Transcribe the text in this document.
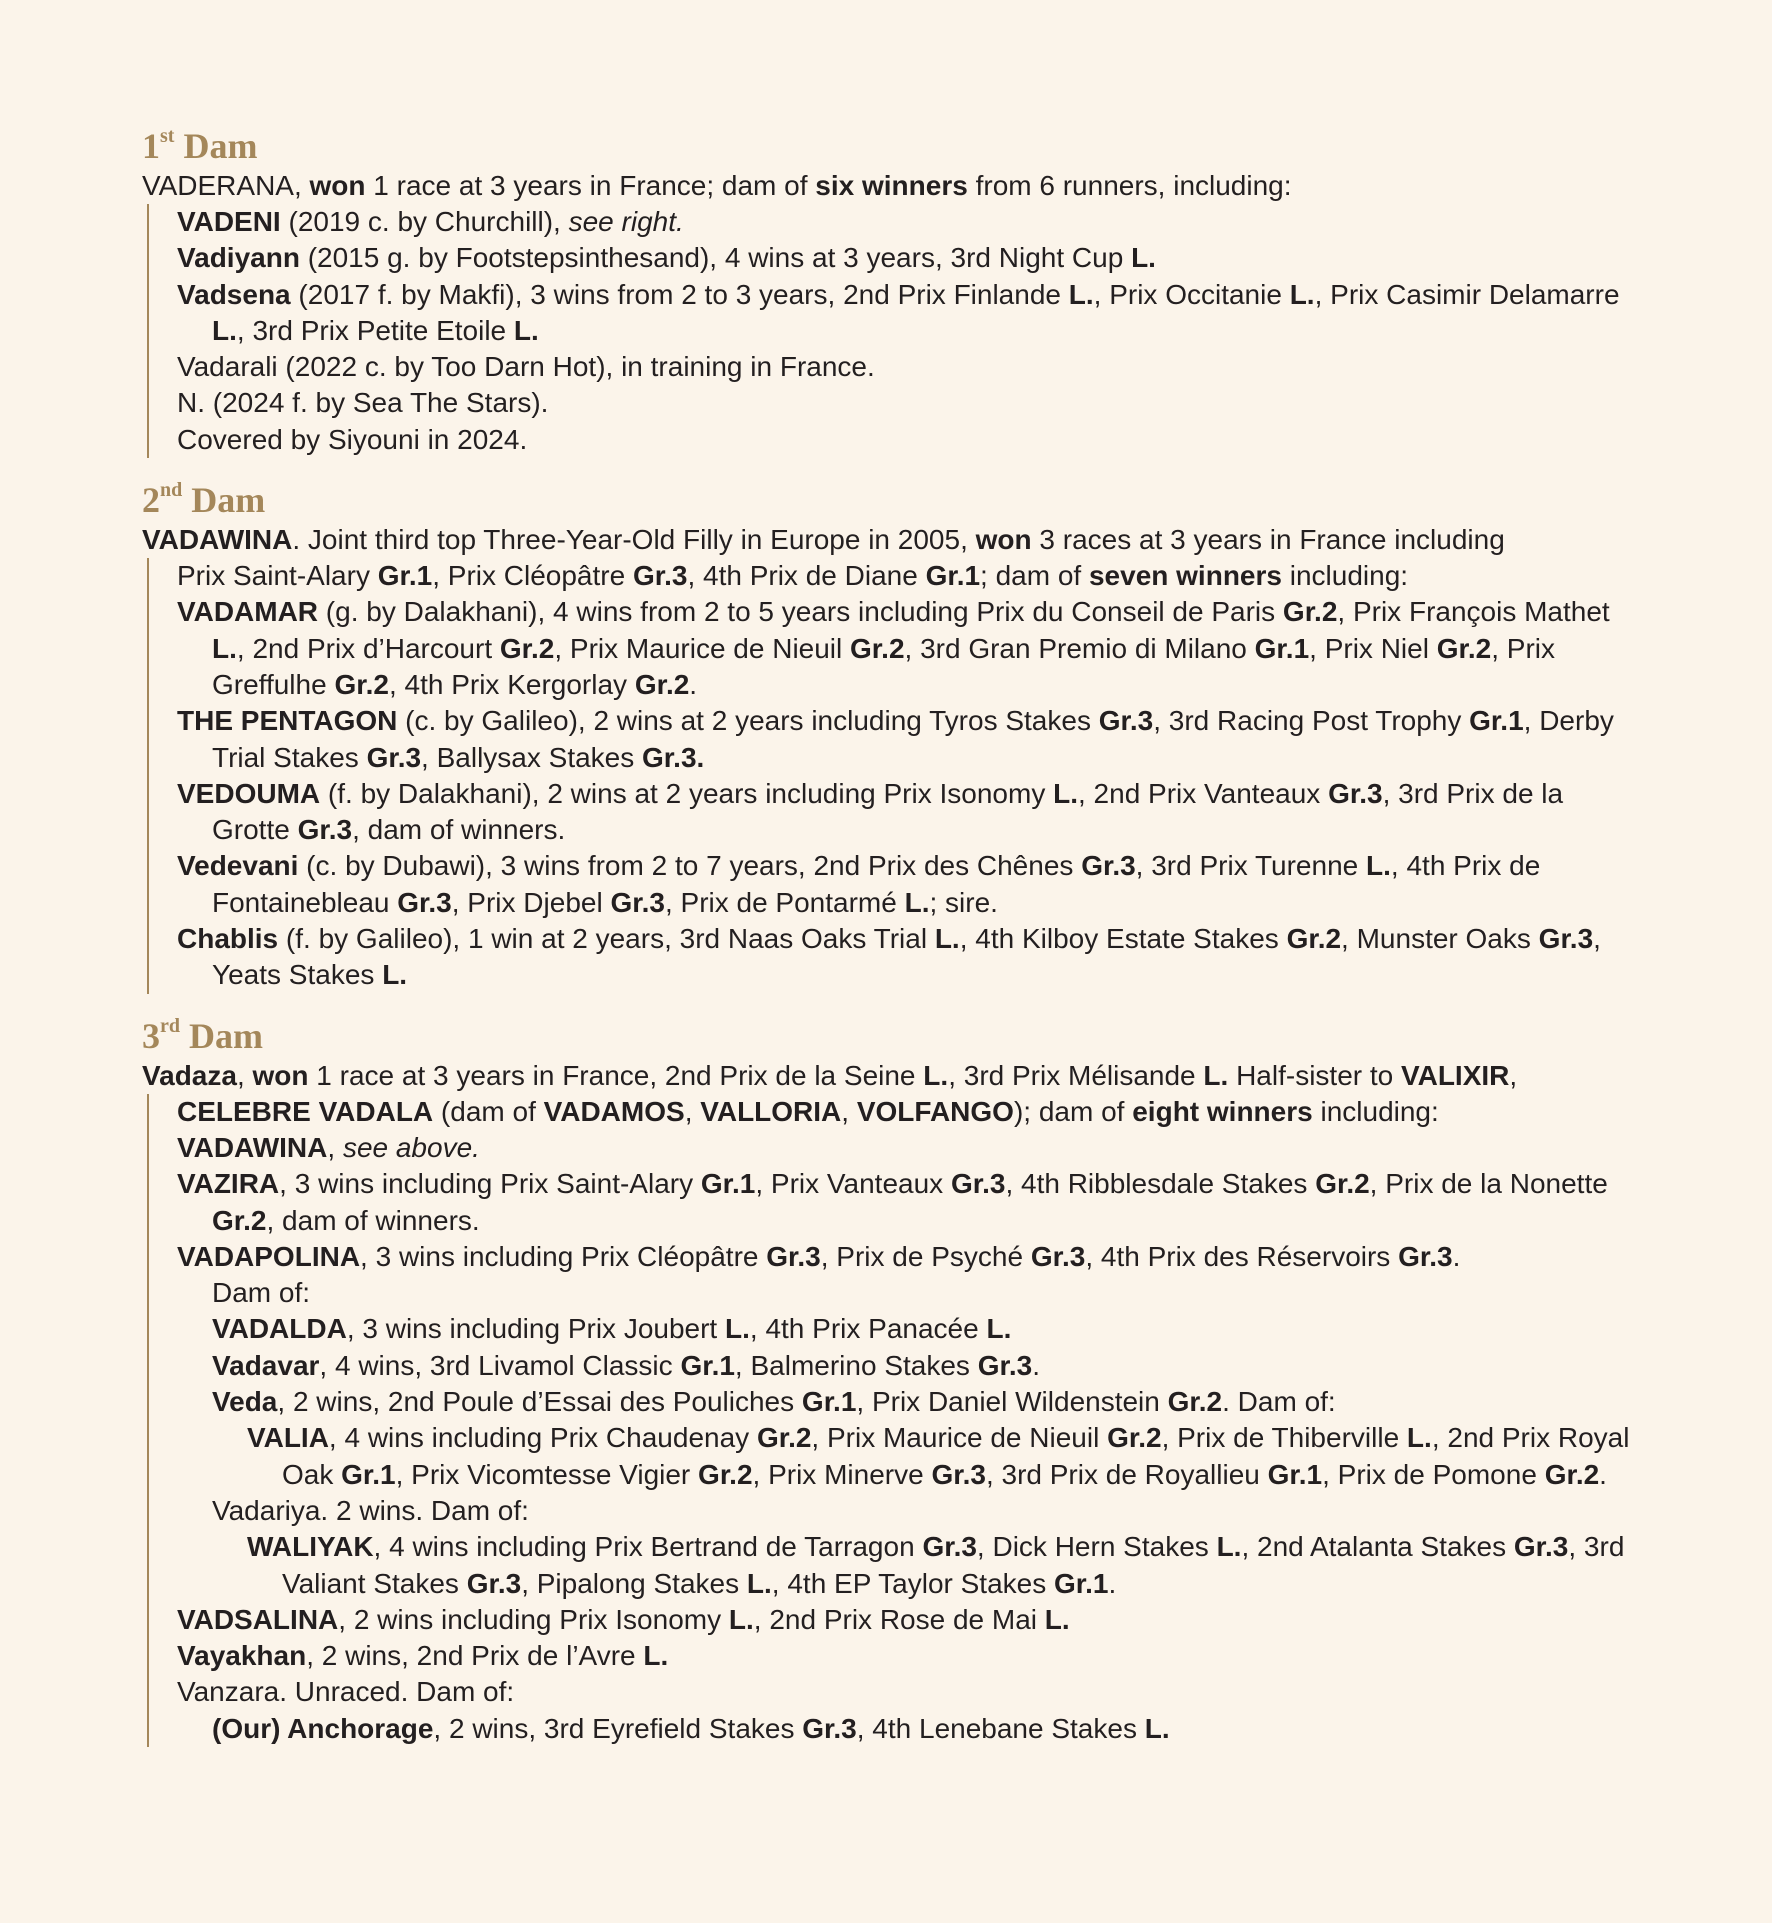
1st Dam

VADERANA, won 1 race at 3 years in France; dam of six winners from 6 runners, including:

VADENI (2019 c. by Churchill), see right.

Vadiyann (2015 g. by Footstepsinthesand), 4 wins at 3 years, 3rd Night Cup L.

Vadsena (2017 f. by Makfi), 3 wins from 2 to 3 years, 2nd Prix Finlande L., Prix Occitanie L., Prix Casimir Delamarre L., 3rd Prix Petite Etoile L.

Vadarali (2022 c. by Too Darn Hot), in training in France.

N. (2024 f. by Sea The Stars).

Covered by Siyouni in 2024.

2nd Dam

VADAWINA. Joint third top Three-Year-Old Filly in Europe in 2005, won 3 races at 3 years in France including

Prix Saint-Alary Gr.1, Prix Cléopâtre Gr.3, 4th Prix de Diane Gr.1; dam of seven winners including:

VADAMAR (g. by Dalakhani), 4 wins from 2 to 5 years including Prix du Conseil de Paris Gr.2, Prix François Mathet L., 2nd Prix d’Harcourt Gr.2, Prix Maurice de Nieuil Gr.2, 3rd Gran Premio di Milano Gr.1, Prix Niel Gr.2, Prix Greffulhe Gr.2, 4th Prix Kergorlay Gr.2.

THE PENTAGON (c. by Galileo), 2 wins at 2 years including Tyros Stakes Gr.3, 3rd Racing Post Trophy Gr.1, Derby Trial Stakes Gr.3, Ballysax Stakes Gr.3.

VEDOUMA (f. by Dalakhani), 2 wins at 2 years including Prix Isonomy L., 2nd Prix Vanteaux Gr.3, 3rd Prix de la Grotte Gr.3, dam of winners.

Vedevani (c. by Dubawi), 3 wins from 2 to 7 years, 2nd Prix des Chênes Gr.3, 3rd Prix Turenne L., 4th Prix de Fontainebleau Gr.3, Prix Djebel Gr.3, Prix de Pontarmé L.; sire.

Chablis (f. by Galileo), 1 win at 2 years, 3rd Naas Oaks Trial L., 4th Kilboy Estate Stakes Gr.2, Munster Oaks Gr.3, Yeats Stakes L.

3rd Dam

Vadaza, won 1 race at 3 years in France, 2nd Prix de la Seine L., 3rd Prix Mélisande L. Half-sister to VALIXIR,

CELEBRE VADALA (dam of VADAMOS, VALLORIA, VOLFANGO); dam of eight winners including:

VADAWINA, see above.

VAZIRA, 3 wins including Prix Saint-Alary Gr.1, Prix Vanteaux Gr.3, 4th Ribblesdale Stakes Gr.2, Prix de la Nonette Gr.2, dam of winners.

VADAPOLINA, 3 wins including Prix Cléopâtre Gr.3, Prix de Psyché Gr.3, 4th Prix des Réservoirs Gr.3.

Dam of:

VADALDA, 3 wins including Prix Joubert L., 4th Prix Panacée L.

Vadavar, 4 wins, 3rd Livamol Classic Gr.1, Balmerino Stakes Gr.3.

Veda, 2 wins, 2nd Poule d’Essai des Pouliches Gr.1, Prix Daniel Wildenstein Gr.2. Dam of:

VALIA, 4 wins including Prix Chaudenay Gr.2, Prix Maurice de Nieuil Gr.2, Prix de Thiberville L., 2nd Prix Royal Oak Gr.1, Prix Vicomtesse Vigier Gr.2, Prix Minerve Gr.3, 3rd Prix de Royallieu Gr.1, Prix de Pomone Gr.2.

Vadariya. 2 wins. Dam of:

WALIYAK, 4 wins including Prix Bertrand de Tarragon Gr.3, Dick Hern Stakes L., 2nd Atalanta Stakes Gr.3, 3rd Valiant Stakes Gr.3, Pipalong Stakes L., 4th EP Taylor Stakes Gr.1.

VADSALINA, 2 wins including Prix Isonomy L., 2nd Prix Rose de Mai L.

Vayakhan, 2 wins, 2nd Prix de l’Avre L.

Vanzara. Unraced. Dam of:

(Our) Anchorage, 2 wins, 3rd Eyrefield Stakes Gr.3, 4th Lenebane Stakes L.
